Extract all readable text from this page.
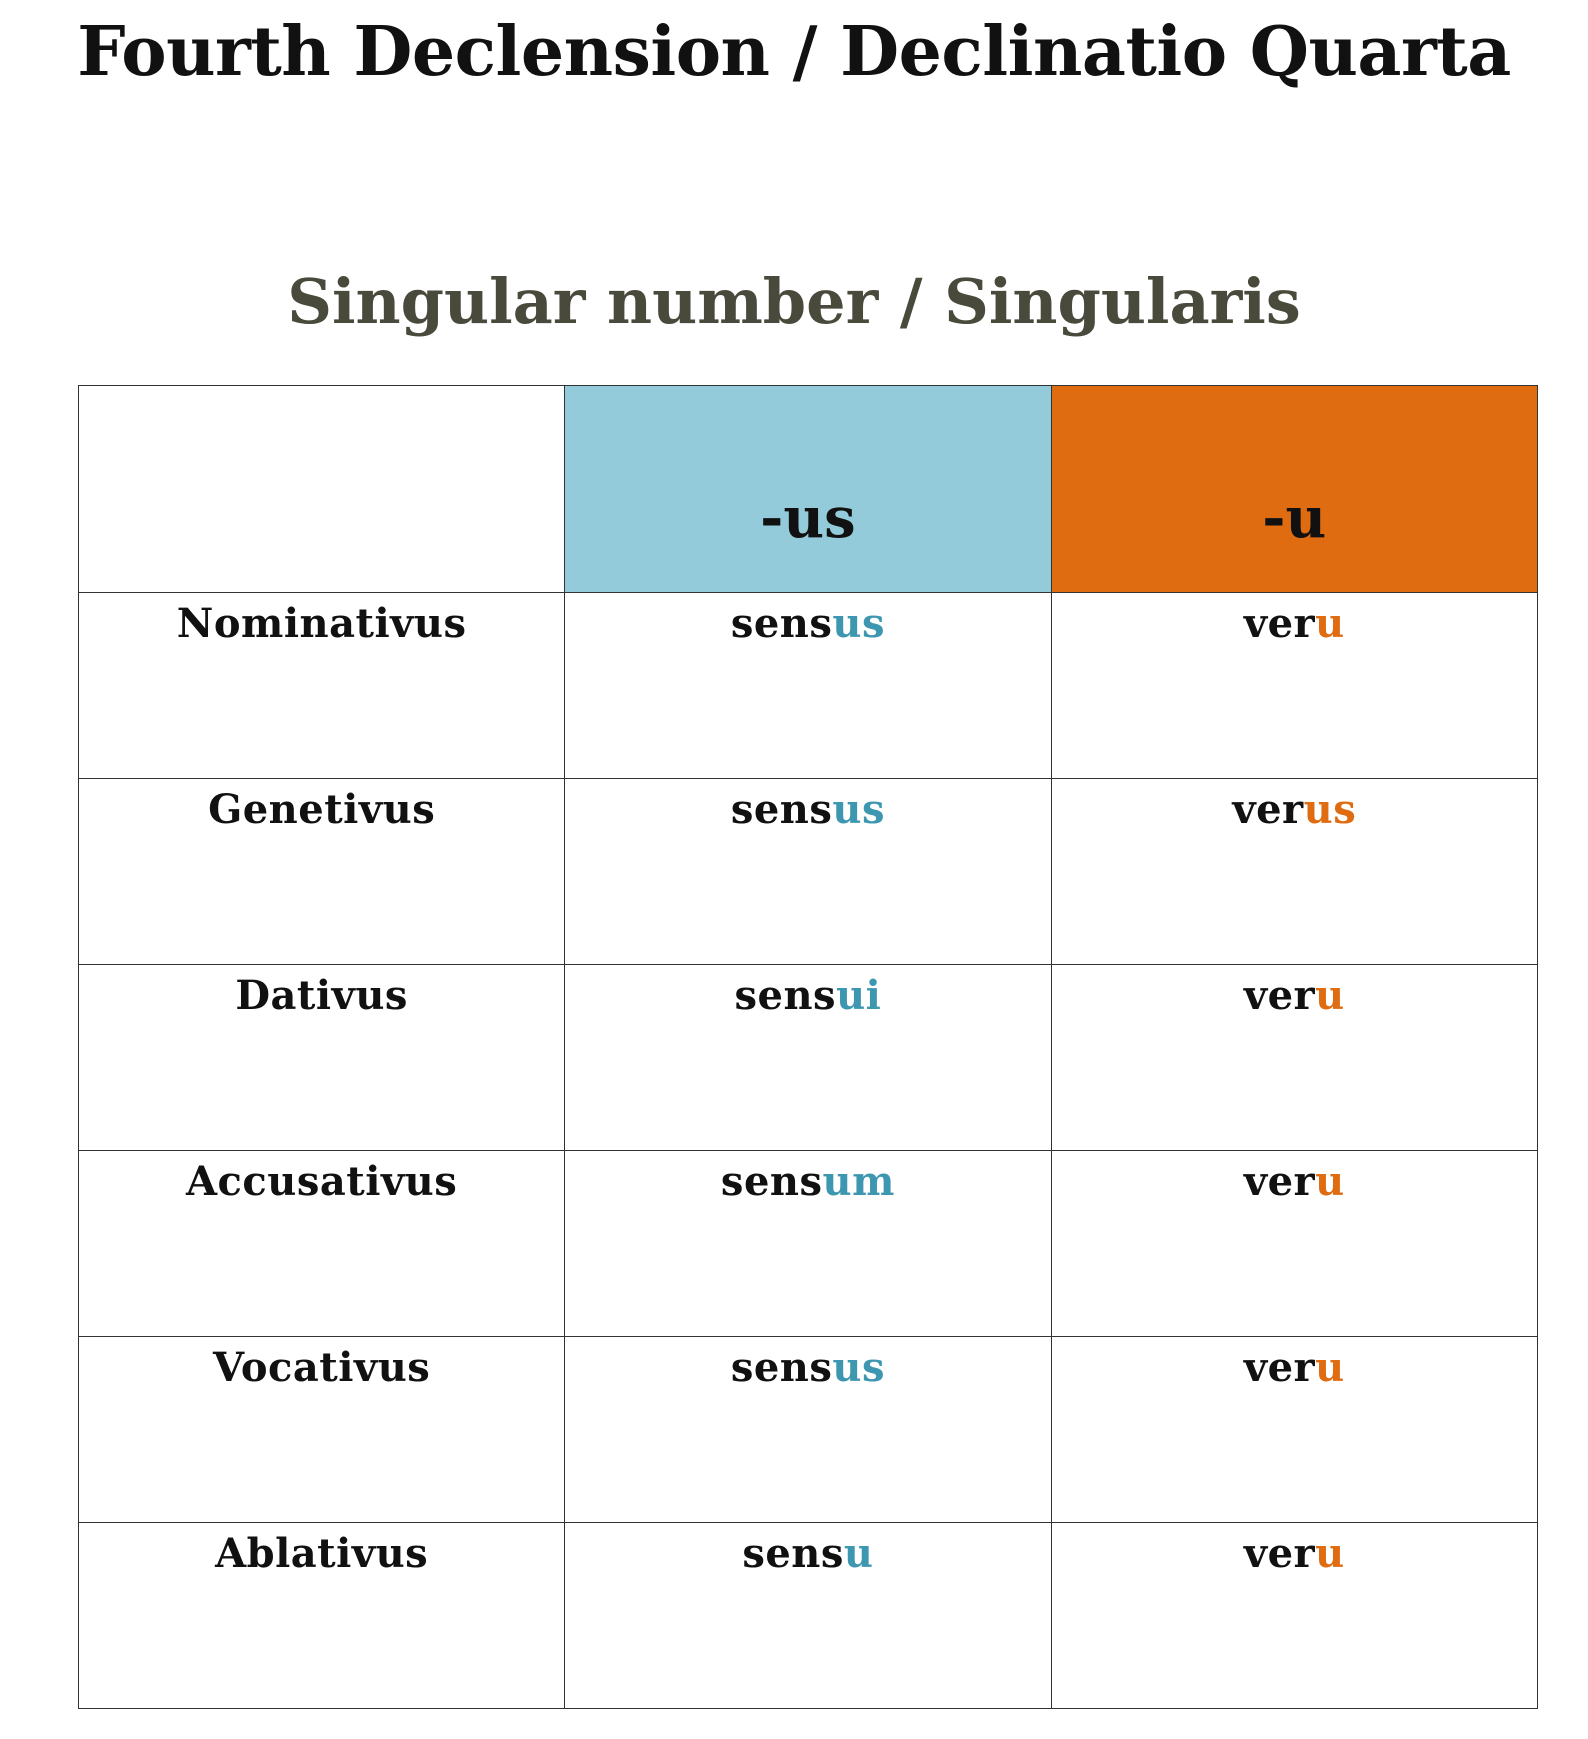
Fourth Declension / Declinatio Quarta
Singular number / Singularis

	-us	-u

Nominativus	sensus	veru

Genetivus	sensus	verus

Dativus	sensui	veru

Accusativus	sensum	veru

Vocativus	sensus	veru

Ablativus	sensu	veru
